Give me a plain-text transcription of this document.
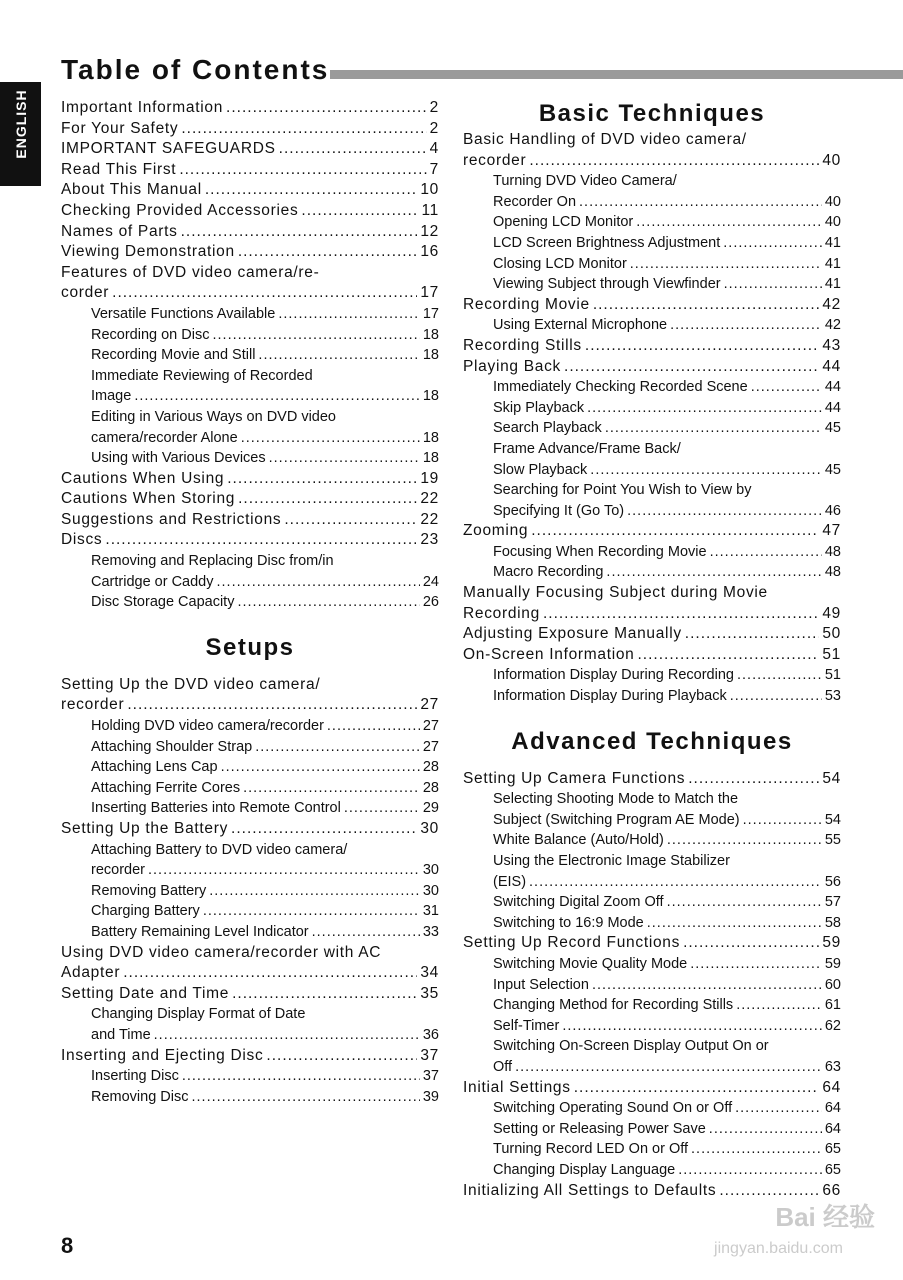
Table of Contents
ENGLISH Important Information .....	2
For Your Safety .....	2
IMPORTANT SAFEGUARDS .....	4
Read This First .....	7
About This Manual .....	10
Checking Provided Accessories .....	11
Names of Parts .....	12
Viewing Demonstration .....	16
Features of DVD video camera/re-
corder .....	17
Versatile Functions Available .....	17
Recording on Disc .....	18
Recording Movie and Still .....	18
Immediate Reviewing of Recorded
Image .....	18
Editing in Various Ways on DVD video
camera/recorder Alone .....	18
Using with Various Devices .....	18
Cautions When Using .....	19
Cautions When Storing .....	22
Suggestions and Restrictions .....	22
Discs .....	23
Removing and Replacing Disc from/in
Cartridge or Caddy .....	24
Disc Storage Capacity .....	26
Setups
Setting Up the DVD video camera/
recorder .....	27
Holding DVD video camera/recorder .....	27
Attaching Shoulder Strap .....	27
Attaching Lens Cap .....	28
Attaching Ferrite Cores .....	28
Inserting Batteries into Remote Control .....	29
Setting Up the Battery .....	30
Attaching Battery to DVD video camera/
recorder .....	30
Removing Battery .....	30
Charging Battery .....	31
Battery Remaining Level Indicator .....	33
Using DVD video camera/recorder with AC
Adapter .....	34
Setting Date and Time .....	35
Changing Display Format of Date
and Time .....	36
Inserting and Ejecting Disc .....	37
Inserting Disc .....	37
Removing Disc .....	39
Basic Techniques
Basic Handling of DVD video camera/
recorder .....	40
Turning DVD Video Camera/
Recorder On .....	40
Opening LCD Monitor .....	40
LCD Screen Brightness Adjustment .....	41
Closing LCD Monitor .....	41
Viewing Subject through Viewfinder .....	41
Recording Movie .....	42
Using External Microphone .....	42
Recording Stills .....	43
Playing Back .....	44
Immediately Checking Recorded Scene .....	44
Skip Playback .....	44
Search Playback .....	45
Frame Advance/Frame Back/
Slow Playback .....	45
Searching for Point You Wish to View by
Specifying It (Go To) .....	46
Zooming .....	47
Focusing When Recording Movie .....	48
Macro Recording .....	48
Manually Focusing Subject during Movie
Recording .....	49
Adjusting Exposure Manually .....	50
On-Screen Information .....	51
Information Display During Recording .....	51
Information Display During Playback .....	53
Advanced Techniques
Setting Up Camera Functions .....	54
Selecting Shooting Mode to Match the
Subject (Switching Program AE Mode) .....	54
White Balance (Auto/Hold) .....	55
Using the Electronic Image Stabilizer
(EIS) .....	56
Switching Digital Zoom Off .....	57
Switching to 16:9 Mode .....	58
Setting Up Record Functions .....	59
Switching Movie Quality Mode .....	59
Input Selection .....	60
Changing Method for Recording Stills .....	61
Self-Timer .....	62
Switching On-Screen Display Output On or
Off .....	63
Initial Settings .....	64
Switching Operating Sound On or Off .....	64
Setting or Releasing Power Save .....	64
Turning Record LED On or Off .....	65
Changing Display Language .....	65
Initializing All Settings to Defaults .....	66
8
Bai 经验
jingyan.baidu.com
